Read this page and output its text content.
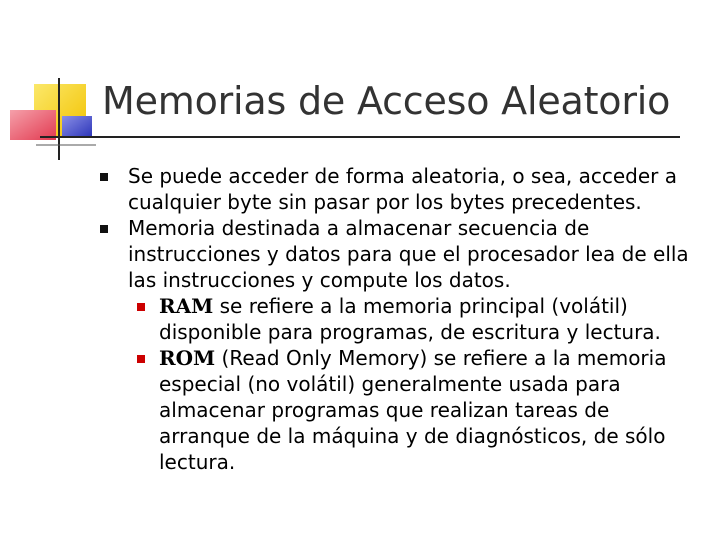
Memorias de Acceso Aleatorio
Se puede acceder de forma aleatoria, o sea, acceder a cualquier byte sin pasar por los bytes precedentes.
Memoria destinada a almacenar secuencia de instrucciones y datos para que el procesador lea de ella las instrucciones y compute los datos.
RAM se refiere a la memoria principal (volátil) disponible para programas, de escritura y lectura.
ROM (Read Only Memory) se refiere a la memoria especial (no volátil) generalmente usada para almacenar programas que realizan tareas de arranque de la máquina y de diagnósticos, de sólo lectura.
